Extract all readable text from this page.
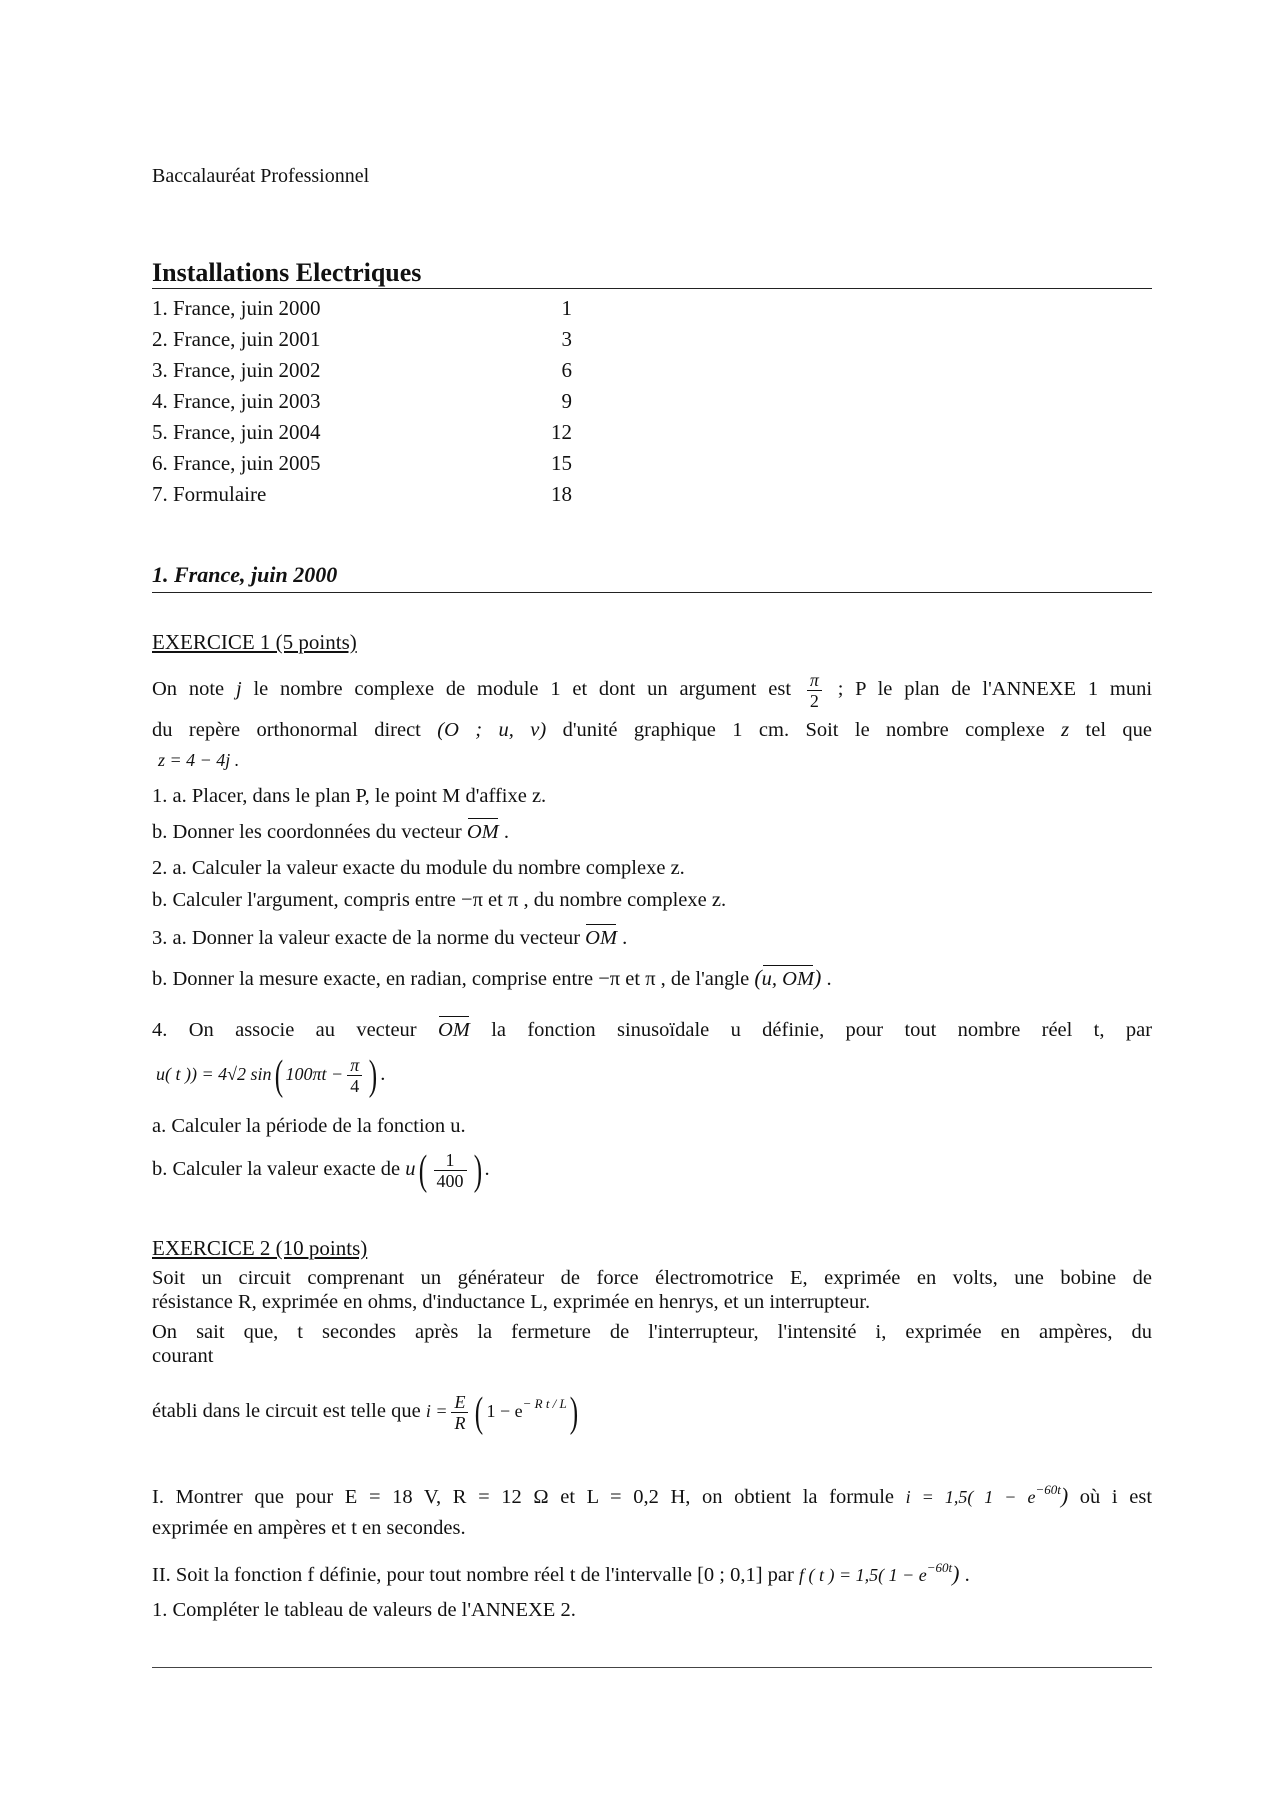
Baccalauréat Professionnel
Installations Electriques
1. France, juin 2000	1
2. France, juin 2001	3
3. France, juin 2002	6
4. France, juin 2003	9
5. France, juin 2004	12
6. France, juin 2005	15
7. Formulaire	18
1. France, juin 2000
EXERCICE 1 (5 points)
On note j le nombre complexe de module 1 et dont un argument est $\frac{\pi}{2}$ ; P le plan de l'ANNEXE 1 muni
du repère orthonormal direct (O ; u, v) d'unité graphique 1 cm. Soit le nombre complexe z tel que
z = 4 − 4j .
1. a. Placer, dans le plan P, le point M d'affixe z.
b. Donner les coordonnées du vecteur OM .
2. a. Calculer la valeur exacte du module du nombre complexe z.
b. Calculer l'argument, compris entre −π et π , du nombre complexe z.
3. a. Donner la valeur exacte de la norme du vecteur OM .
b. Donner la mesure exacte, en radian, comprise entre −π et π , de l'angle (u, OM) .
4. On associe au vecteur OM la fonction sinusoïdale u définie, pour tout nombre réel t, par
u( t )) = 4√2 sin( $100\pi t - \frac{\pi}{4}$ ) .
a. Calculer la période de la fonction u.
b. Calculer la valeur exacte de $u( \frac{1}{400}$ ) .
EXERCICE 2 (10 points)
Soit un circuit comprenant un générateur de force électromotrice E, exprimée en volts, une bobine de
résistance R, exprimée en ohms, d'inductance L, exprimée en henrys, et un interrupteur.
On sait que, t secondes après la fermeture de l'interrupteur, l'intensité i, exprimée en ampères, du
courant
établi dans le circuit est telle que $i = \frac{E}{R}$ ( $1 - e^{- R t / L}$)
I. Montrer que pour E = 18 V, R = 12 Ω et L = 0,2 H, on obtient la formule i = 1,5( $1 - e^{-60t}$) où i est
exprimée en ampères et t en secondes.
II. Soit la fonction f définie, pour tout nombre réel t de l'intervalle [0 ; 0,1] par f ( t ) = 1,5( $1 - e^{-60t}$) .
1. Compléter le tableau de valeurs de l'ANNEXE 2.
